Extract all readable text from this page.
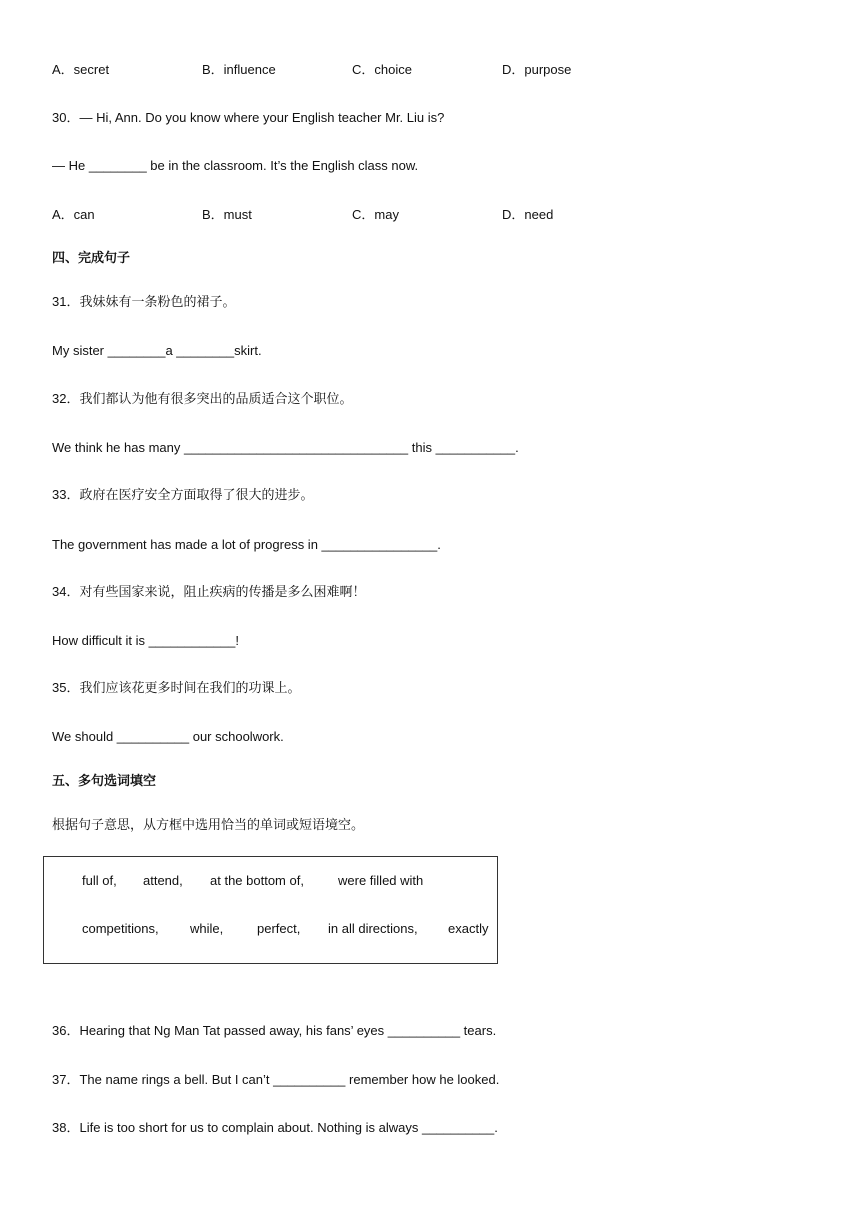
A．secret	B．influence	C．choice	D．purpose
30．— Hi, Ann. Do you know where your English teacher Mr. Liu is?
— He ________ be in the classroom. It’s the English class now.
A．can	B．must	C．may	D．need
四、完成句子
31．我妹妹有一条粉色的裙子。
My sister ________a ________skirt.
32．我们都认为他有很多突出的品质适合这个职位。
We think he has many _______________________________ this ___________.
33．政府在医疗安全方面取得了很大的进步。
The government has made a lot of progress in ________________.
34．对有些国家来说，阻止疾病的传播是多么困难啊！
How difficult it is ____________!
35．我们应该花更多时间在我们的功课上。
We should __________ our schoolwork.
五、多句选词填空
根据句子意思，从方框中选用恰当的单词或短语境空。
full of, attend, at the bottom of,	were filled with
competitions, while,	perfect, in all directions, exactly
36．Hearing that Ng Man Tat passed away, his fans’ eyes __________ tears.
37．The name rings a bell. But I can’t __________ remember how he looked.
38．Life is too short for us to complain about. Nothing is always __________.
